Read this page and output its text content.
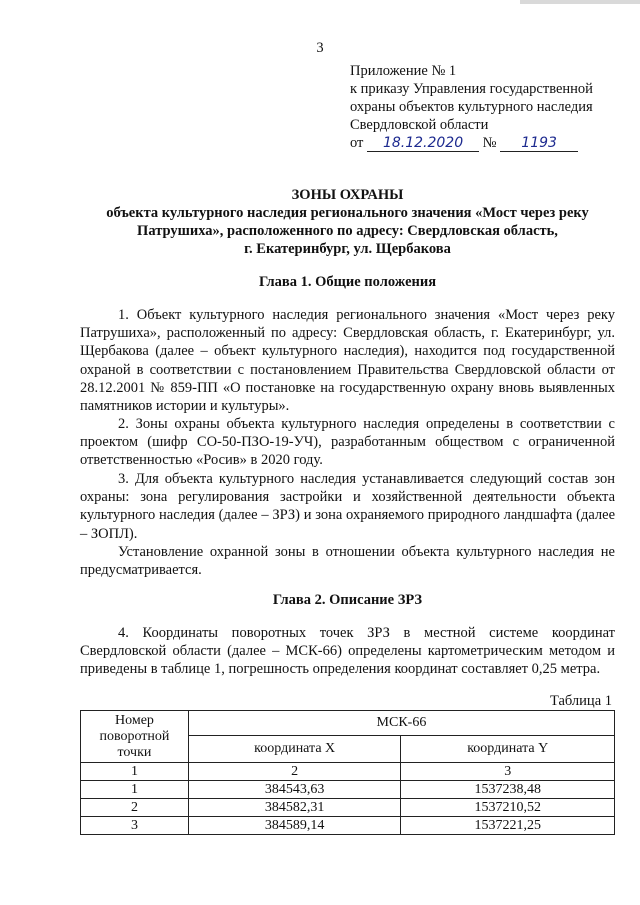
3
Приложение № 1
к приказу Управления государственной
охраны объектов культурного наследия
Свердловской области
от 18.12.2020 № 1193
ЗОНЫ ОХРАНЫ
объекта культурного наследия регионального значения «Мост через реку
Патрушиха», расположенного по адресу: Свердловская область,
г. Екатеринбург, ул. Щербакова
Глава 1. Общие положения

1. Объект культурного наследия регионального значения «Мост через реку Патрушиха», расположенный по адресу: Свердловская область, г. Екатеринбург, ул. Щербакова (далее – объект культурного наследия), находится под государственной охраной в соответствии с постановлением Правительства Свердловской области от 28.12.2001 № 859-ПП «О постановке на государственную охрану вновь выявленных памятников истории и культуры».

2. Зоны охраны объекта культурного наследия определены в соответствии с проектом (шифр СО-50-ПЗО-19-УЧ), разработанным обществом с ограниченной ответственностью «Росив» в 2020 году.

3. Для объекта культурного наследия устанавливается следующий состав зон охраны: зона регулирования застройки и хозяйственной деятельности объекта культурного наследия (далее – ЗРЗ) и зона охраняемого природного ландшафта (далее – ЗОПЛ).

Установление охранной зоны в отношении объекта культурного наследия не предусматривается.

Глава 2. Описание ЗРЗ

4. Координаты поворотных точек ЗРЗ в местной системе координат Свердловской области (далее – МСК-66) определены картометрическим методом и приведены в таблице 1, погрешность определения координат составляет 0,25 метра.

Таблица 1
Номер поворотной точки	МСК-66	
	координата X	координата Y
1	2	3
1	384543,63	1537238,48
2	384582,31	1537210,52
3	384589,14	1537221,25
